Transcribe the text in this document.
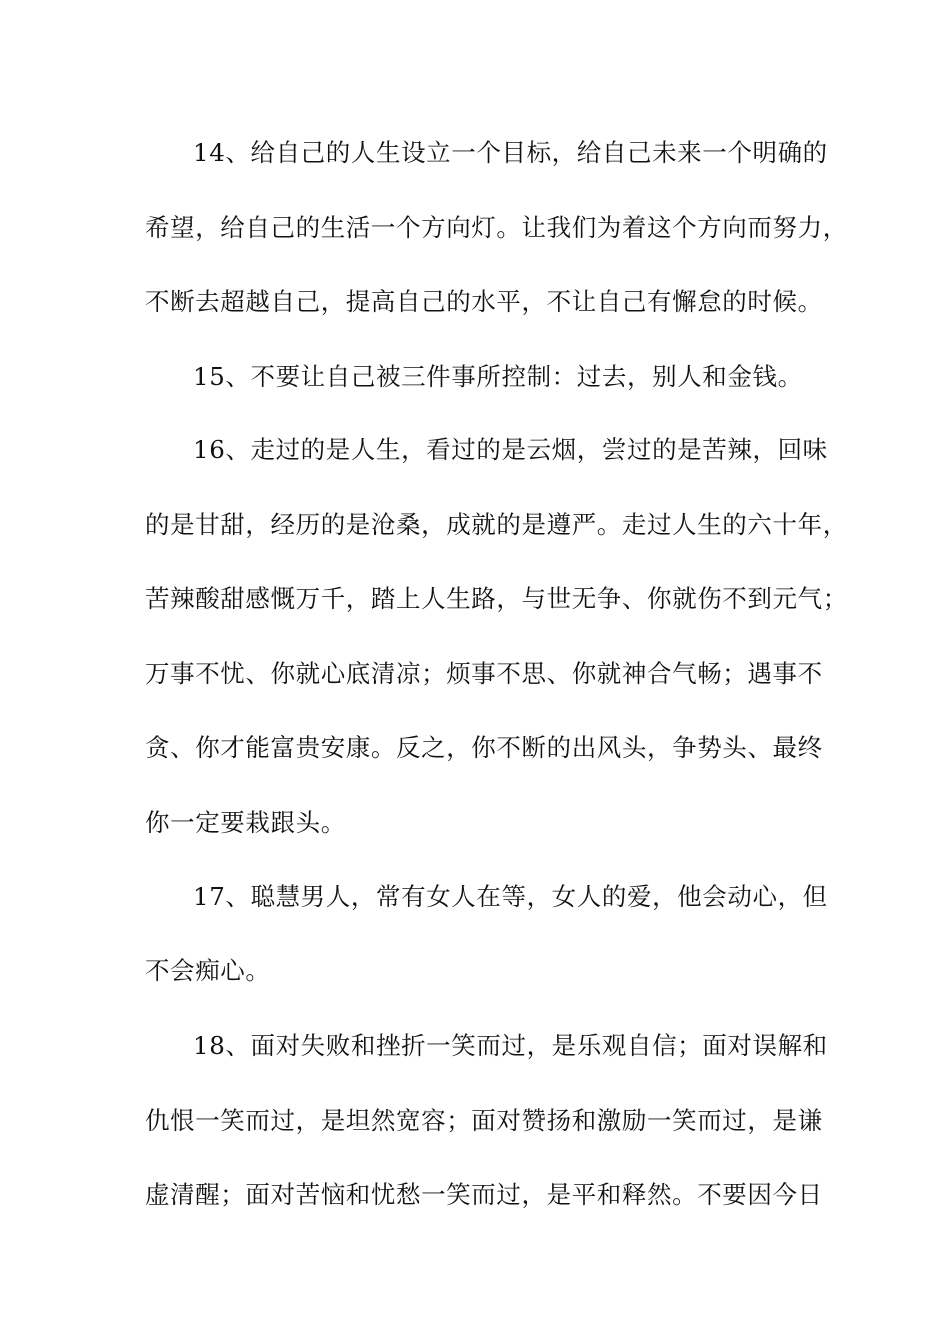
14、给自己的人生设立一个目标，给自己未来一个明确的
希望，给自己的生活一个方向灯。让我们为着这个方向而努力，
不断去超越自己，提高自己的水平，不让自己有懈怠的时候。
15、不要让自己被三件事所控制：过去，别人和金钱。
16、走过的是人生，看过的是云烟，尝过的是苦辣，回味
的是甘甜，经历的是沧桑，成就的是遵严。走过人生的六十年，
苦辣酸甜感慨万千，踏上人生路，与世无争、你就伤不到元气；
万事不忧、你就心底清凉；烦事不思、你就神合气畅；遇事不
贪、你才能富贵安康。反之，你不断的出风头，争势头、最终
你一定要栽跟头。
17、聪慧男人，常有女人在等，女人的爱，他会动心，但
不会痴心。
18、面对失败和挫折一笑而过，是乐观自信；面对误解和
仇恨一笑而过，是坦然宽容；面对赞扬和激励一笑而过，是谦
虚清醒；面对苦恼和忧愁一笑而过，是平和释然。不要因今日
